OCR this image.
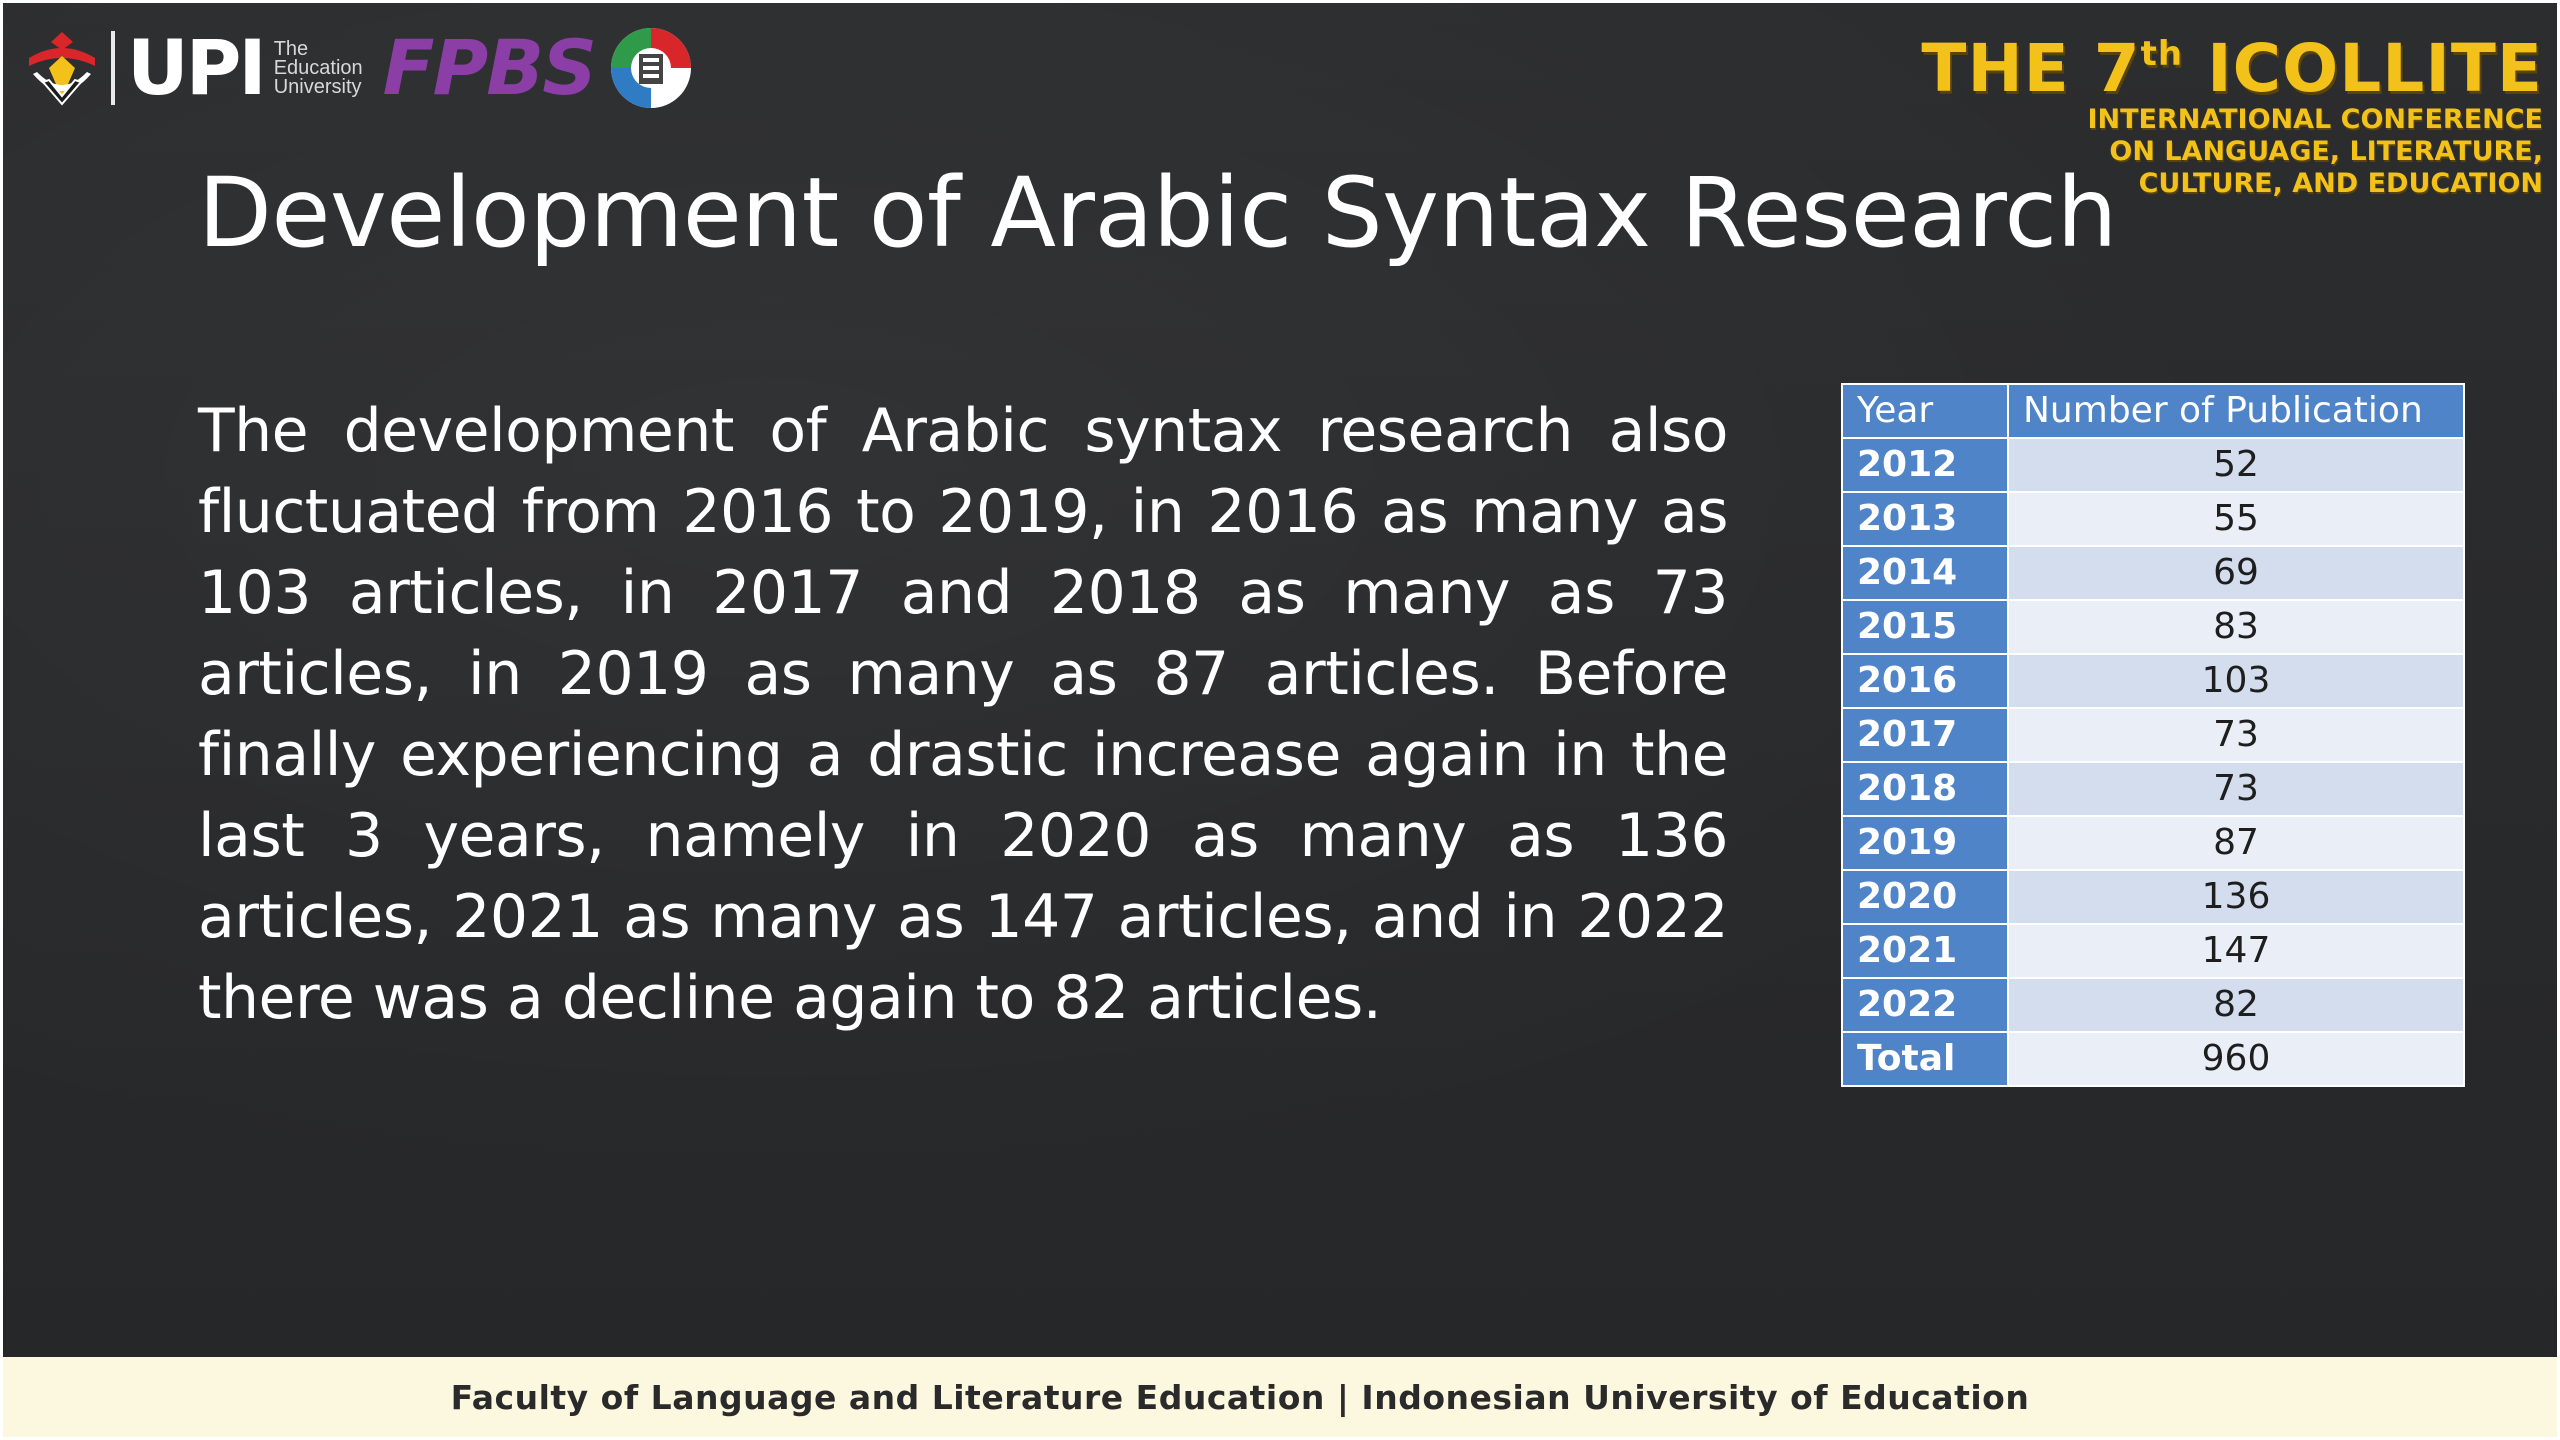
UPI The
Education
University FPBS	THE 7th ICOLLITE
INTERNATIONAL CONFERENCE
ON LANGUAGE, LITERATURE,
CULTURE, AND EDUCATION
Development of Arabic Syntax Research
The development of Arabic syntax research also fluctuated from 2016 to 2019, in 2016 as many as 103 articles, in 2017 and 2018 as many as 73 articles, in 2019 as many as 87 articles. Before finally experiencing a drastic increase again in the last 3 years, namely in 2020 as many as 136 articles, 2021 as many as 147 articles, and in 2022 there was a decline again to 82 articles.
Year	Number of Publication
2012	52
2013	55
2014	69
2015	83
2016	103
2017	73
2018	73
2019	87
2020	136
2021	147
2022	82
Total	960
Faculty of Language and Literature Education | Indonesian University of Education
